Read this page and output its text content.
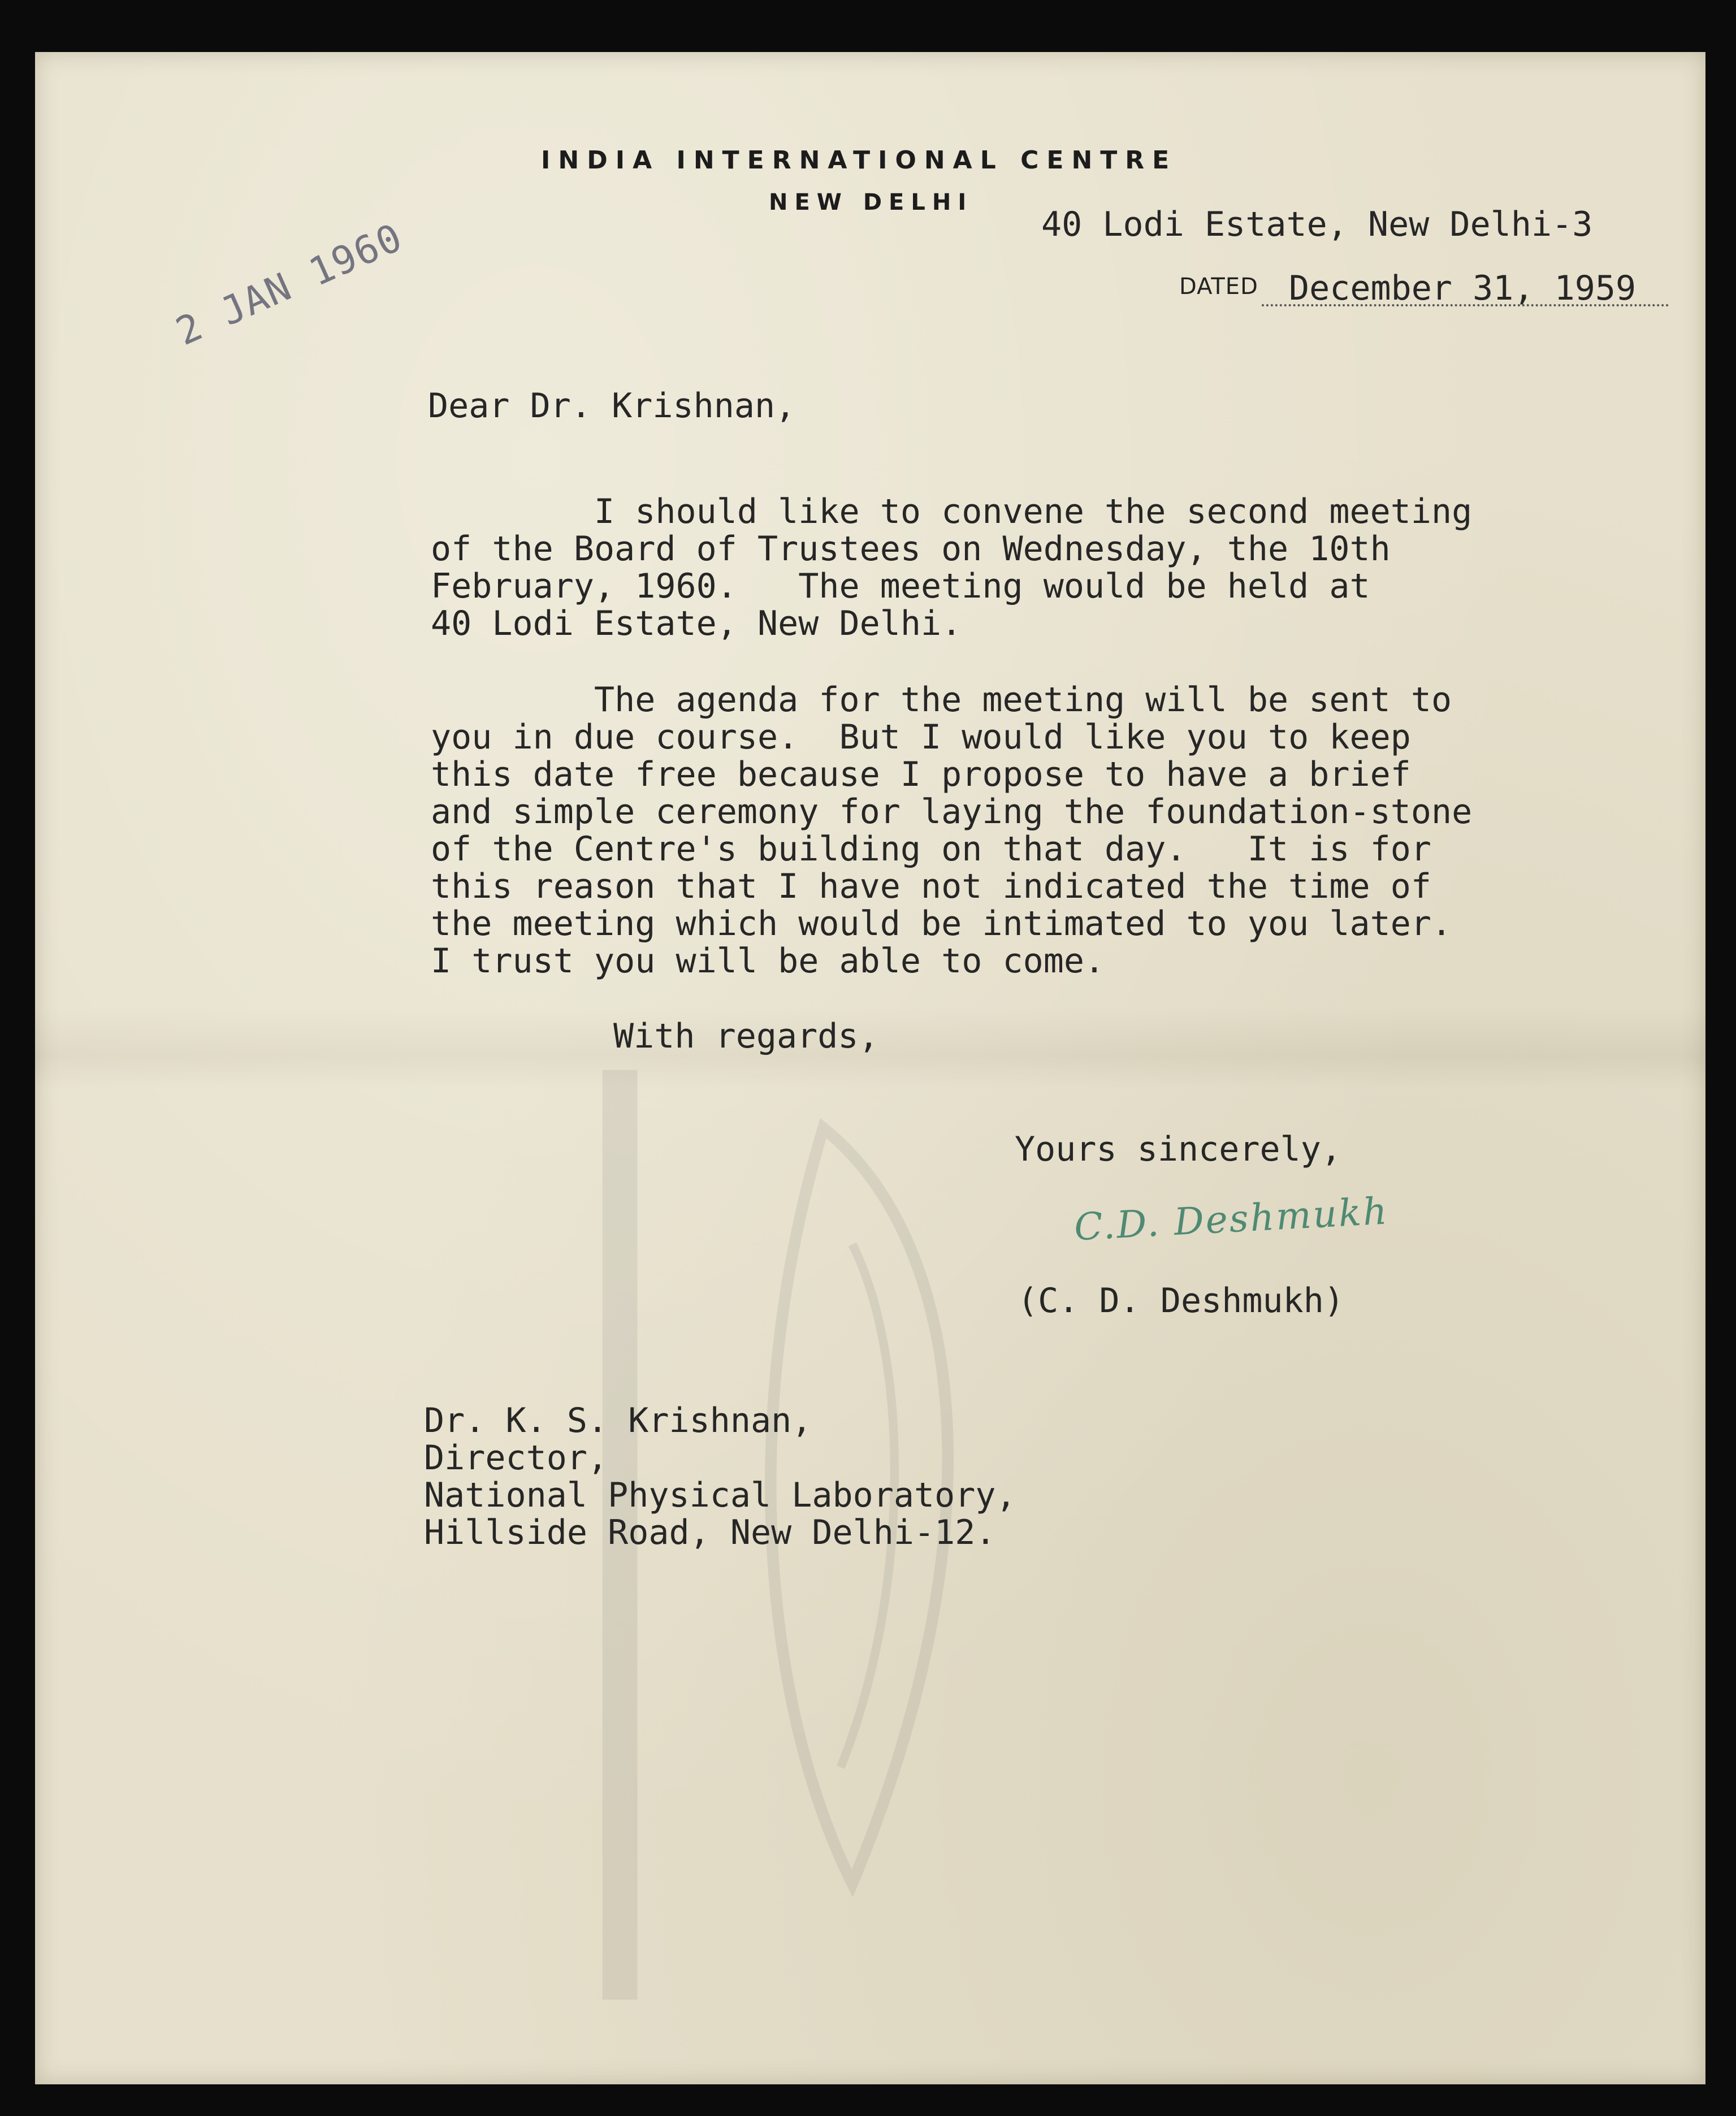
INDIA INTERNATIONAL CENTRE
NEW DELHI
40 Lodi Estate, New Delhi-3
DATED December 31, 1959
2 JAN 1960
Dear Dr. Krishnan,
I should like to convene the second meeting
of the Board of Trustees on Wednesday, the 10th
February, 1960.   The meeting would be held at
40 Lodi Estate, New Delhi.
The agenda for the meeting will be sent to
you in due course.  But I would like you to keep
this date free because I propose to have a brief
and simple ceremony for laying the foundation-stone
of the Centre's building on that day.   It is for
this reason that I have not indicated the time of
the meeting which would be intimated to you later.
I trust you will be able to come.
With regards,
Yours sincerely,
C.D. Deshmukh
(C. D. Deshmukh)
Dr. K. S. Krishnan,
Director,
National Physical Laboratory,
Hillside Road, New Delhi-12.
